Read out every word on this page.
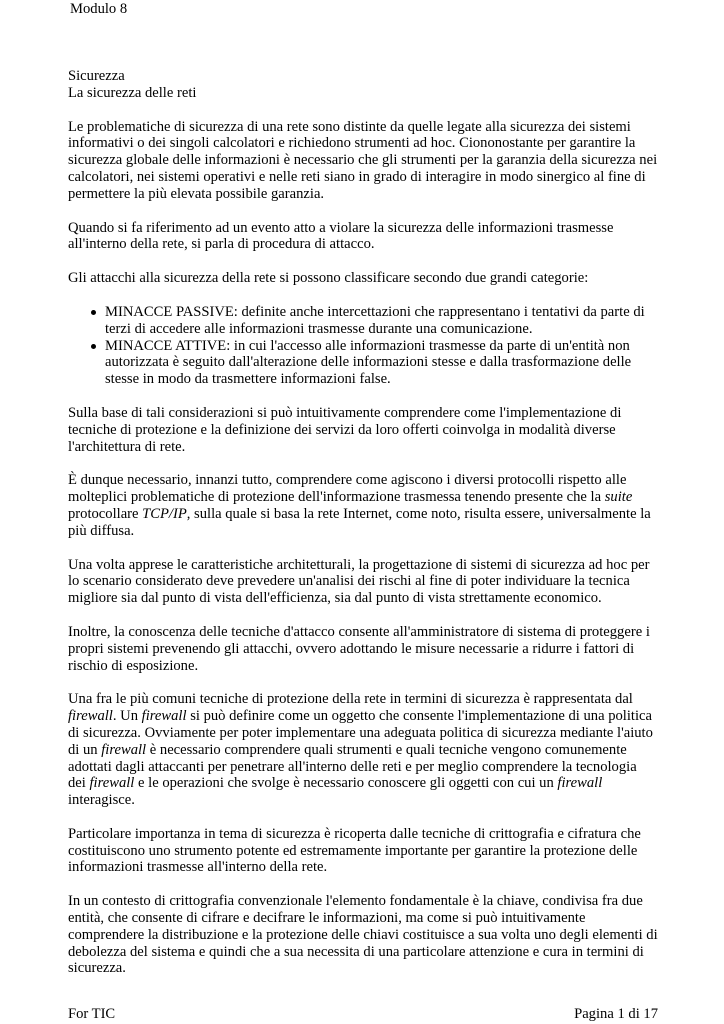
Modulo 8
Sicurezza
La sicurezza delle reti

Le problematiche di sicurezza di una rete sono distinte da quelle legate alla sicurezza dei sistemi informativi o dei singoli calcolatori e richiedono strumenti ad hoc. Ciononostante per garantire la sicurezza globale delle informazioni è necessario che gli strumenti per la garanzia della sicurezza nei calcolatori, nei sistemi operativi e nelle reti siano in grado di interagire in modo sinergico al fine di permettere la più elevata possibile garanzia.

Quando si fa riferimento ad un evento atto a violare la sicurezza delle informazioni trasmesse all'interno della rete, si parla di procedura di attacco.

Gli attacchi alla sicurezza della rete si possono classificare secondo due grandi categorie:

MINACCE PASSIVE: definite anche intercettazioni che rappresentano i tentativi da parte di terzi di accedere alle informazioni trasmesse durante una comunicazione.
MINACCE ATTIVE: in cui l'accesso alle informazioni trasmesse da parte di un'entità non autorizzata è seguito dall'alterazione delle informazioni stesse e dalla trasformazione delle stesse in modo da trasmettere informazioni false.

Sulla base di tali considerazioni si può intuitivamente comprendere come l'implementazione di tecniche di protezione e la definizione dei servizi da loro offerti coinvolga in modalità diverse l'architettura di rete.

È dunque necessario, innanzi tutto, comprendere come agiscono i diversi protocolli rispetto alle molteplici problematiche di protezione dell'informazione trasmessa tenendo presente che la suite protocollare TCP/IP, sulla quale si basa la rete Internet, come noto, risulta essere, universalmente la più diffusa.

Una volta apprese le caratteristiche architetturali, la progettazione di sistemi di sicurezza ad hoc per lo scenario considerato deve prevedere un'analisi dei rischi al fine di poter individuare la tecnica migliore sia dal punto di vista dell'efficienza, sia dal punto di vista strettamente economico.

Inoltre, la conoscenza delle tecniche d'attacco consente all'amministratore di sistema di proteggere i propri sistemi prevenendo gli attacchi, ovvero adottando le misure necessarie a ridurre i fattori di rischio di esposizione.

Una fra le più comuni tecniche di protezione della rete in termini di sicurezza è rappresentata dal firewall. Un firewall si può definire come un oggetto che consente l'implementazione di una politica di sicurezza. Ovviamente per poter implementare una adeguata politica di sicurezza mediante l'aiuto di un firewall è necessario comprendere quali strumenti e quali tecniche vengono comunemente adottati dagli attaccanti per penetrare all'interno delle reti e per meglio comprendere la tecnologia dei firewall e le operazioni che svolge è necessario conoscere gli oggetti con cui un firewall interagisce.

Particolare importanza in tema di sicurezza è ricoperta dalle tecniche di crittografia e cifratura che costituiscono uno strumento potente ed estremamente importante per garantire la protezione delle informazioni trasmesse all'interno della rete.

In un contesto di crittografia convenzionale l'elemento fondamentale è la chiave, condivisa fra due entità, che consente di cifrare e decifrare le informazioni, ma come si può intuitivamente comprendere la distribuzione e la protezione delle chiavi costituisce a sua volta uno degli elementi di debolezza del sistema e quindi che a sua necessita di una particolare attenzione e cura in termini di sicurezza.

For TIC	Pagina 1 di 17
